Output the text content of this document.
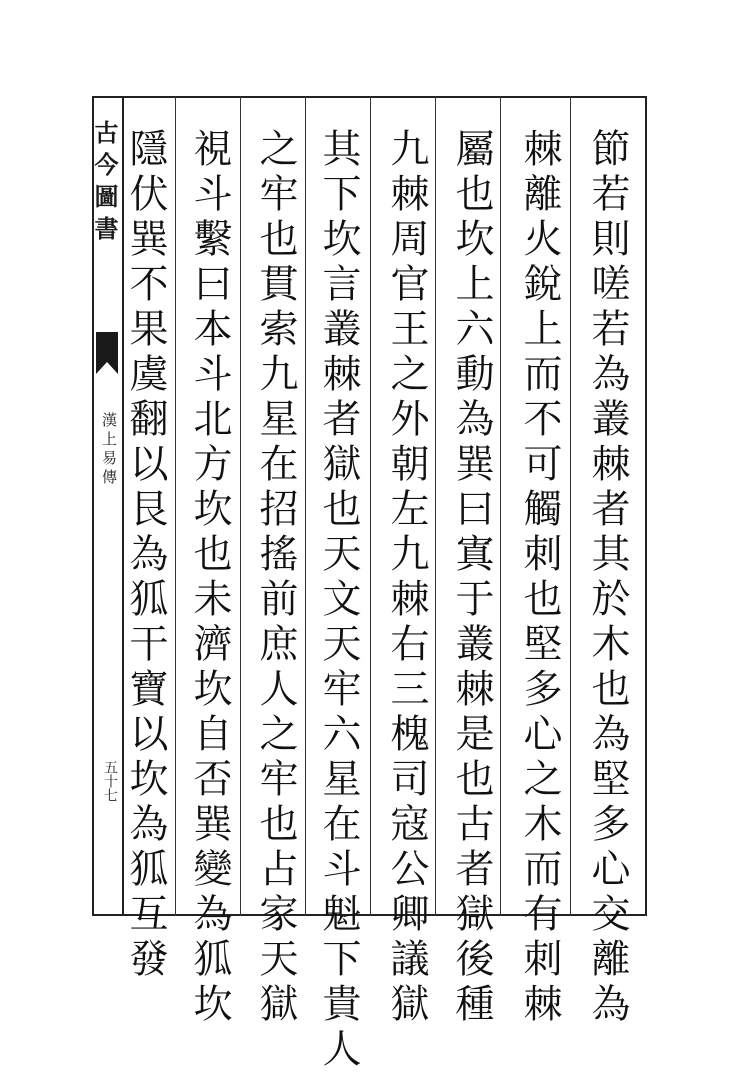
古今圖書
漢上易傳
五十七	節若則嗟若為叢棘者其於木也為堅多心交離為
棘離火銳上而不可觸刺也堅多心之木而有刺棘
屬也坎上六動為巽曰寘于叢棘是也古者獄後種
九棘周官王之外朝左九棘右三槐司寇公卿議獄
其下坎言叢棘者獄也天文天牢六星在斗魁下貴人
之牢也貫索九星在招搖前庶人之牢也占家天獄
視斗繫曰本斗北方坎也未濟坎自否巽變為狐坎
隱伏巽不果虞翻以艮為狐干寶以坎為狐互發
